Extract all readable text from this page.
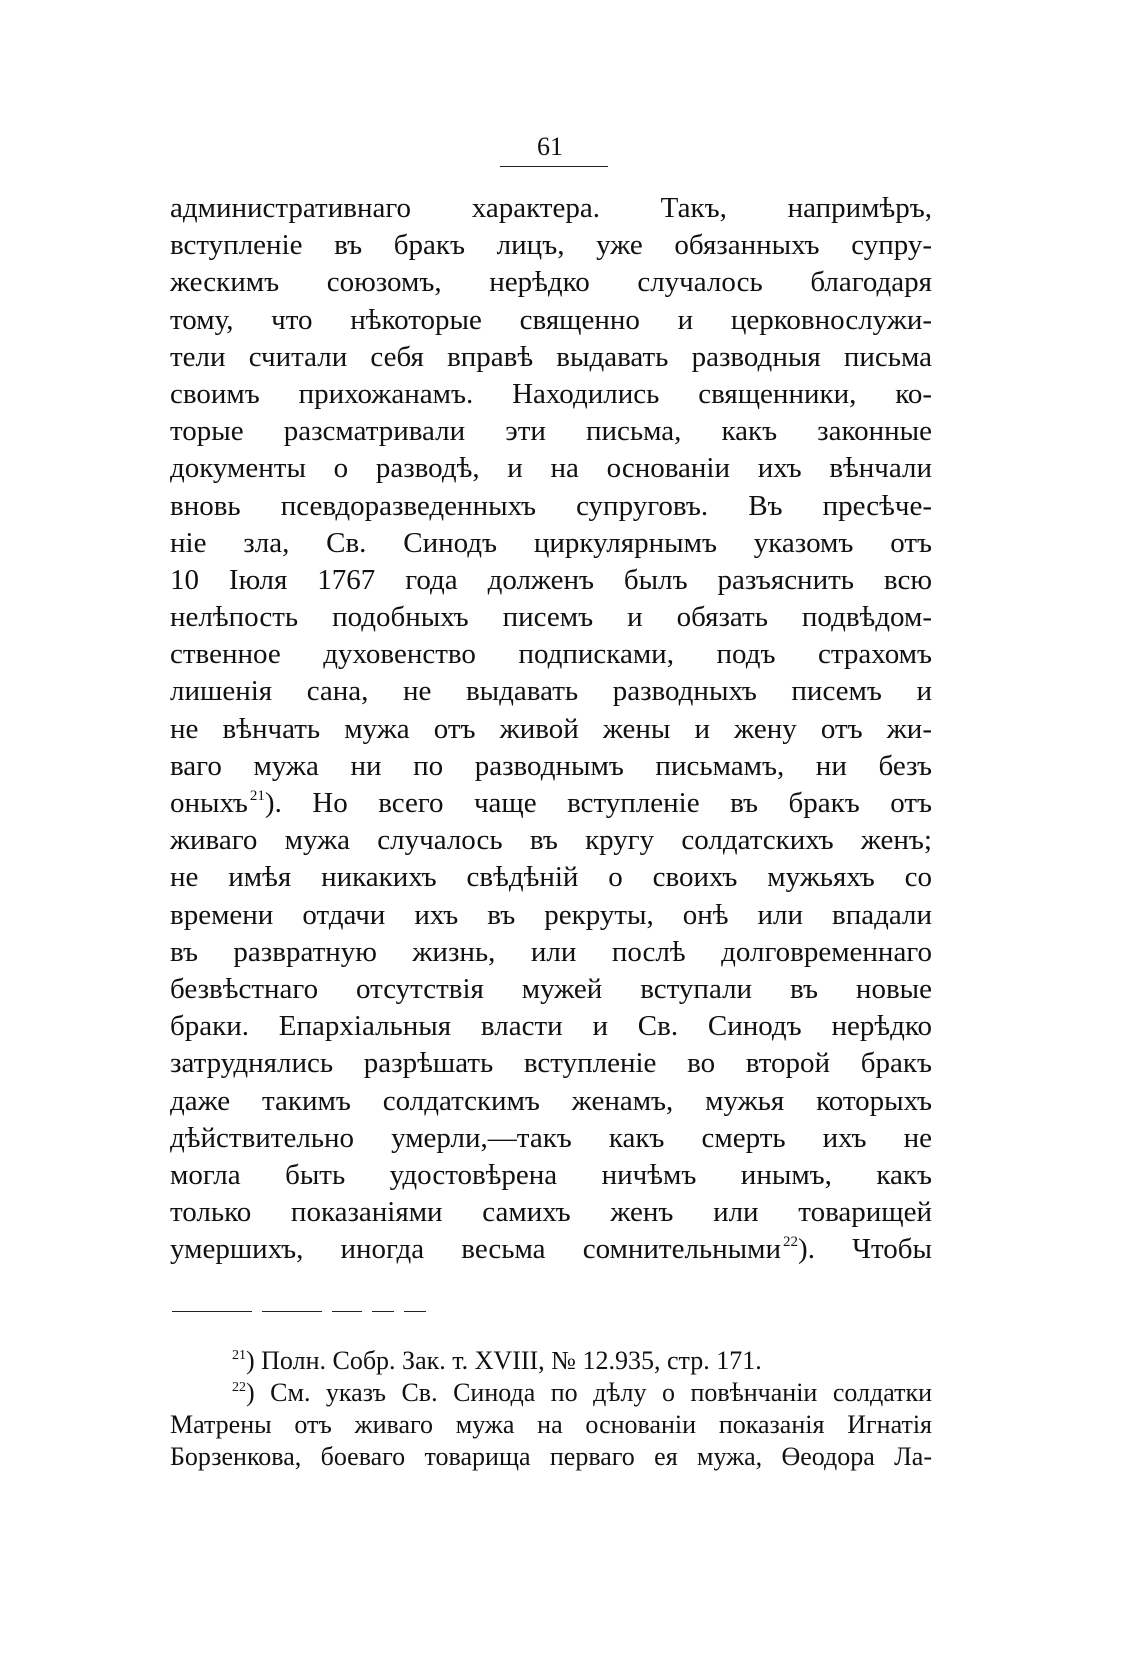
61
административнаго характера. Такъ, напримѣръ,
вступленіе въ бракъ лицъ, уже обязанныхъ супру-
жескимъ союзомъ, нерѣдко случалось благодаря
тому, что нѣкоторые священно и церковнослужи-
тели считали себя вправѣ выдавать разводныя письма
своимъ прихожанамъ. Находились священники, ко-
торые разсматривали эти письма, какъ законные
документы о разводѣ, и на основаніи ихъ вѣнчали
вновь псевдоразведенныхъ супруговъ. Въ пресѣче-
ніе зла, Св. Синодъ циркулярнымъ указомъ отъ
10 Іюля 1767 года долженъ былъ разъяснить всю
нелѣпость подобныхъ писемъ и обязать подвѣдом-
ственное духовенство подписками, подъ страхомъ
лишенія сана, не выдавать разводныхъ писемъ и
не вѣнчать мужа отъ живой жены и жену отъ жи-
ваго мужа ни по разводнымъ письмамъ, ни безъ
оныхъ $^{21}$). Но всего чаще вступленіе въ бракъ отъ
живаго мужа случалось въ кругу солдатскихъ женъ;
не имѣя никакихъ свѣдѣній о своихъ мужьяхъ со
времени отдачи ихъ въ рекруты, онѣ или впадали
въ развратную жизнь, или послѣ долговременнаго
безвѣстнаго отсутствія мужей вступали въ новые
браки. Епархіальныя власти и Св. Синодъ нерѣдко
затруднялись разрѣшать вступленіе во второй бракъ
даже такимъ солдатскимъ женамъ, мужья которыхъ
дѣйствительно умерли,—такъ какъ смерть ихъ не
могла быть удостовѣрена ничѣмъ инымъ, какъ
только показаніями самихъ женъ или товарищей
умершихъ, иногда весьма сомнительными $^{22}$). Чтобы
$^{21}$) Полн. Собр. Зак. т. XVIII, № 12.935, стр. 171.
$^{22}$) См. указъ Св. Синода по дѣлу о повѣнчаніи солдатки
Матрены отъ живаго мужа на основаніи показанія Игнатія
Борзенкова, боеваго товарища перваго ея мужа, Өеодора Ла-
